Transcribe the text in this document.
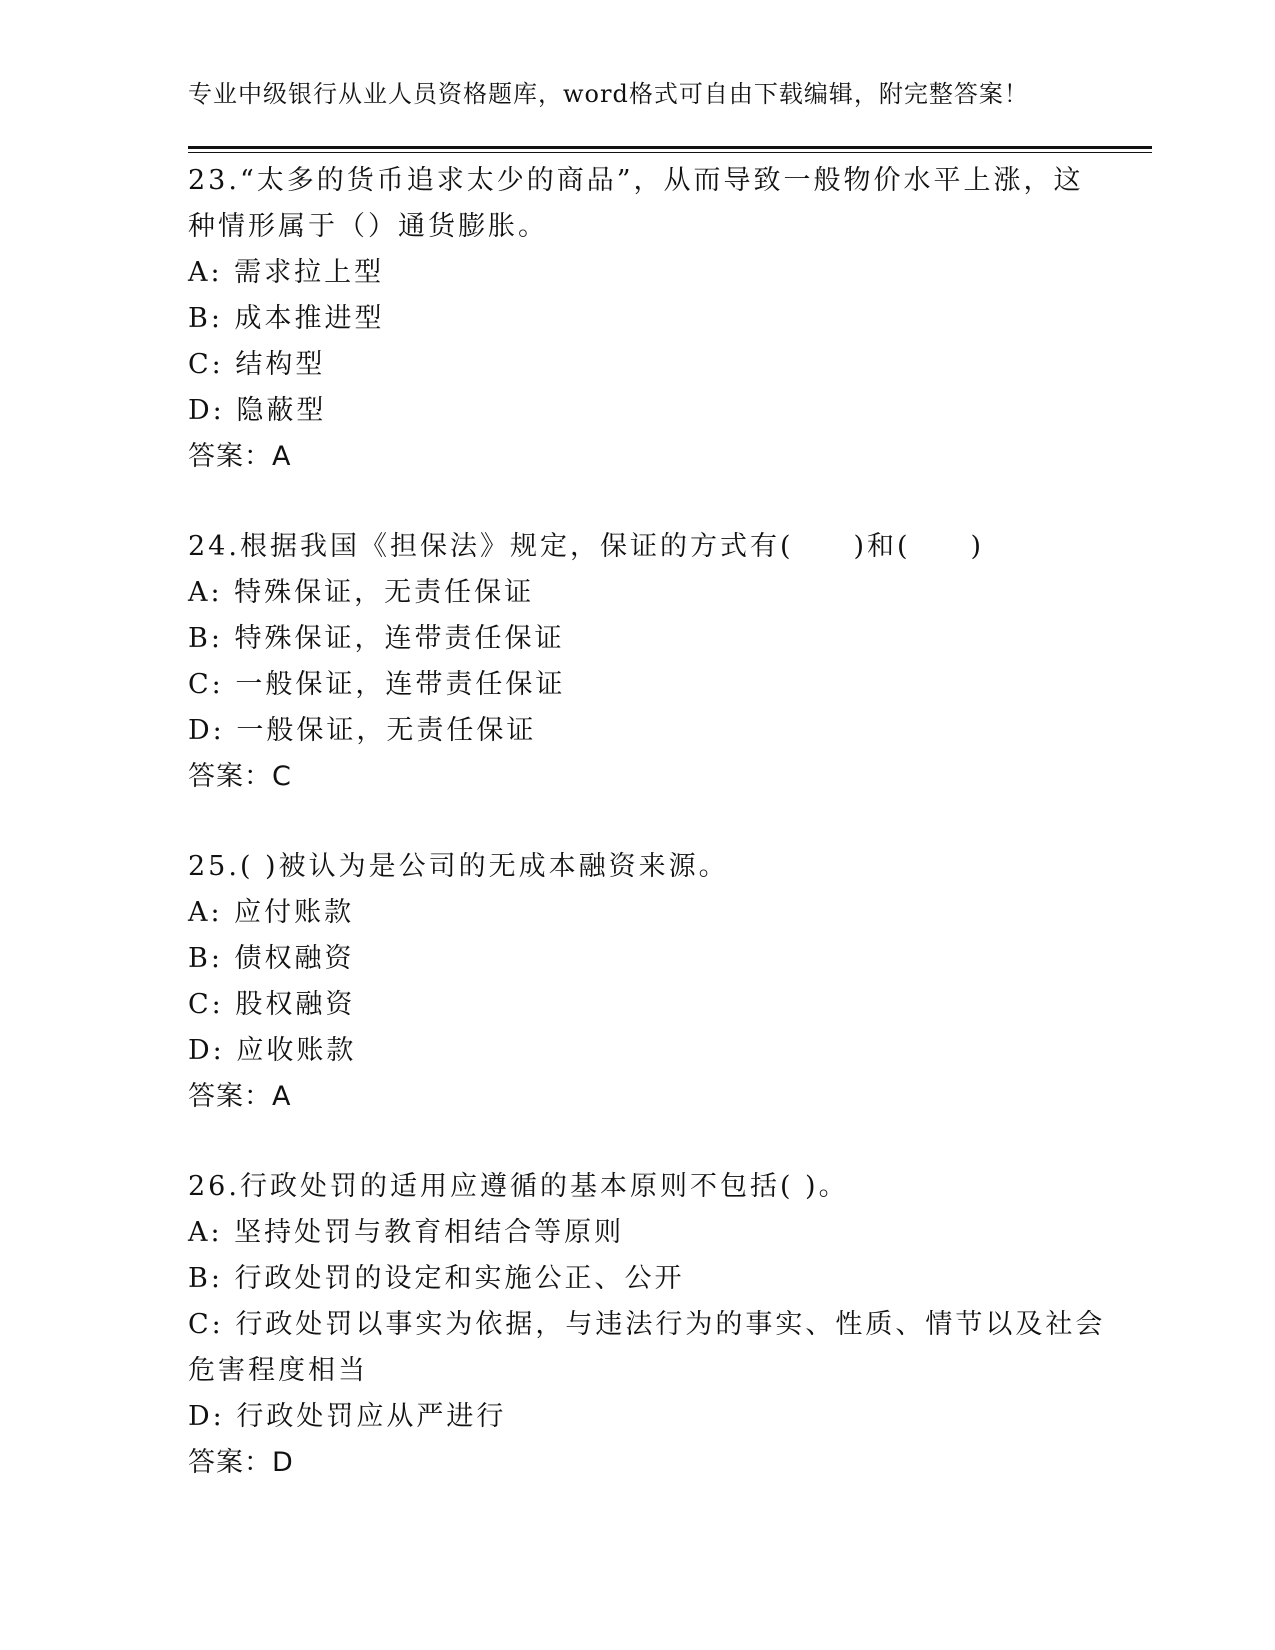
专业中级银行从业人员资格题库，word格式可自由下载编辑，附完整答案！
23.“太多的货币追求太少的商品”，从而导致一般物价水平上涨，这
种情形属于（）通货膨胀。
A: 需求拉上型
B: 成本推进型
C: 结构型
D: 隐蔽型
答案：A
24.根据我国《担保法》规定，保证的方式有(　　)和(　　)
A: 特殊保证，无责任保证
B: 特殊保证，连带责任保证
C: 一般保证，连带责任保证
D: 一般保证，无责任保证
答案：C
25.( )被认为是公司的无成本融资来源。
A: 应付账款
B: 债权融资
C: 股权融资
D: 应收账款
答案：A
26.行政处罚的适用应遵循的基本原则不包括( )。
A: 坚持处罚与教育相结合等原则
B: 行政处罚的设定和实施公正、公开
C: 行政处罚以事实为依据，与违法行为的事实、性质、情节以及社会
危害程度相当
D: 行政处罚应从严进行
答案：D
